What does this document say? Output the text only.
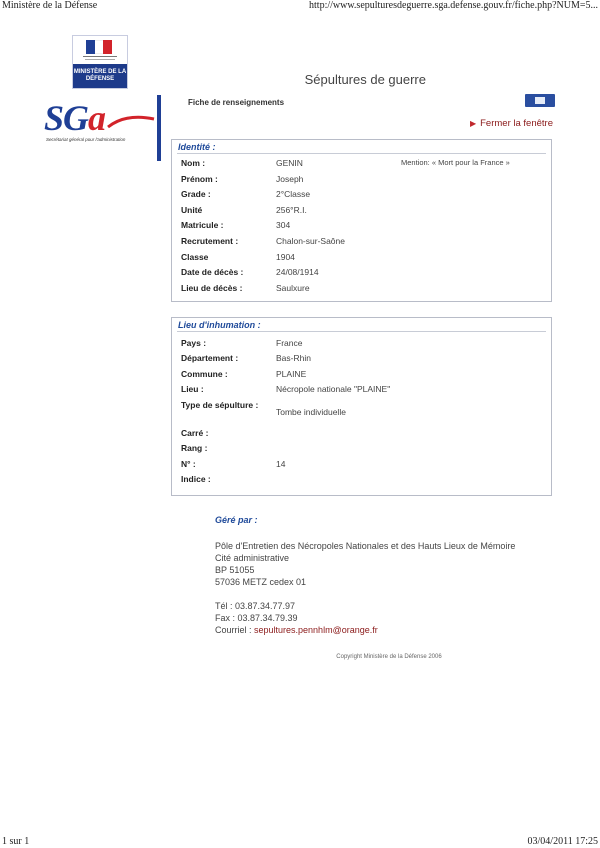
Ministère de la Défense	http://www.sepulturesdeguerre.sga.defense.gouv.fr/fiche.php?NUM=5...
MINISTÈRE DE LA DÉFENSE
SGa
Secrétariat général pour l'administration
Sépultures de guerre
Fiche de renseignements
▶ Fermer la fenêtre
Identité :
Mention: « Mort pour la France »
Nom :	GENIN
Prénom :	Joseph
Grade :	2°Classe
Unité	256°R.I.
Matricule :	304
Recrutement :	Chalon-sur-Saône
Classe	1904
Date de décès :	24/08/1914
Lieu de décès :	Saulxure
Lieu d'inhumation :
Pays :	France
Département :	Bas-Rhin
Commune :	PLAINE
Lieu :	Nécropole nationale "PLAINE"
Type de sépulture :
Tombe individuelle
Carré :
Rang :
N° :	14
Indice :
Géré par :
Pôle d'Entretien des Nécropoles Nationales et des Hauts Lieux de Mémoire
Cité administrative
BP 51055
57036 METZ cedex 01
Tél : 03.87.34.77.97
Fax : 03.87.34.79.39
Courriel : sepultures.pennhlm@orange.fr
Copyright Ministère de la Défense 2006
1 sur 1	03/04/2011 17:25
